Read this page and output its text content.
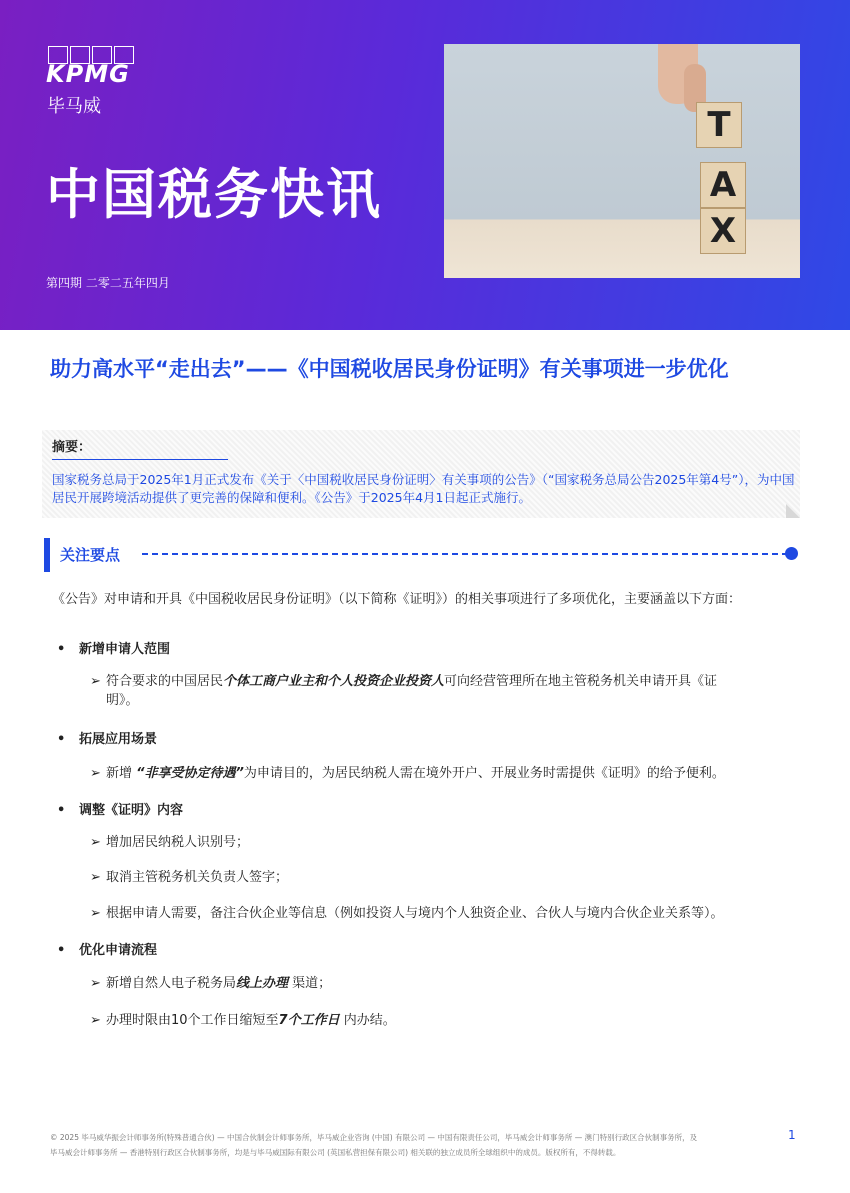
KPMG
毕马威
中国税务快讯
第四期 二零二五年四月
T
A
X
助力高水平“走出去”——《中国税收居民身份证明》有关事项进一步优化
摘要：
国家税务总局于2025年1月正式发布《关于〈中国税收居民身份证明〉有关事项的公告》（“国家税务总局公告2025年第4号”），为中国居民开展跨境活动提供了更完善的保障和便利。《公告》于2025年4月1日起正式施行。
关注要点
《公告》对申请和开具《中国税收居民身份证明》（以下简称《证明》）的相关事项进行了多项优化，主要涵盖以下方面：
• 新增申请人范围
➢ 符合要求的中国居民个体工商户业主和个人投资企业投资人可向经营管理所在地主管税务机关申请开具《证
明》。
• 拓展应用场景
➢ 新增 “非享受协定待遇”为申请目的，为居民纳税人需在境外开户、开展业务时需提供《证明》的给予便利。
• 调整《证明》内容
➢ 增加居民纳税人识别号；
➢ 取消主管税务机关负责人签字；
➢ 根据申请人需要，备注合伙企业等信息（例如投资人与境内个人独资企业、合伙人与境内合伙企业关系等）。
• 优化申请流程
➢ 新增自然人电子税务局线上办理 渠道；
➢ 办理时限由10个工作日缩短至7个工作日 内办结。
© 2025 毕马威华振会计师事务所(特殊普通合伙) — 中国合伙制会计师事务所，毕马威企业咨询 (中国) 有限公司 — 中国有限责任公司，毕马威会计师事务所 — 澳门特别行政区合伙制事务所，及
毕马威会计师事务所 — 香港特别行政区合伙制事务所，均是与毕马威国际有限公司 (英国私营担保有限公司) 相关联的独立成员所全球组织中的成员。版权所有，不得转载。
1
